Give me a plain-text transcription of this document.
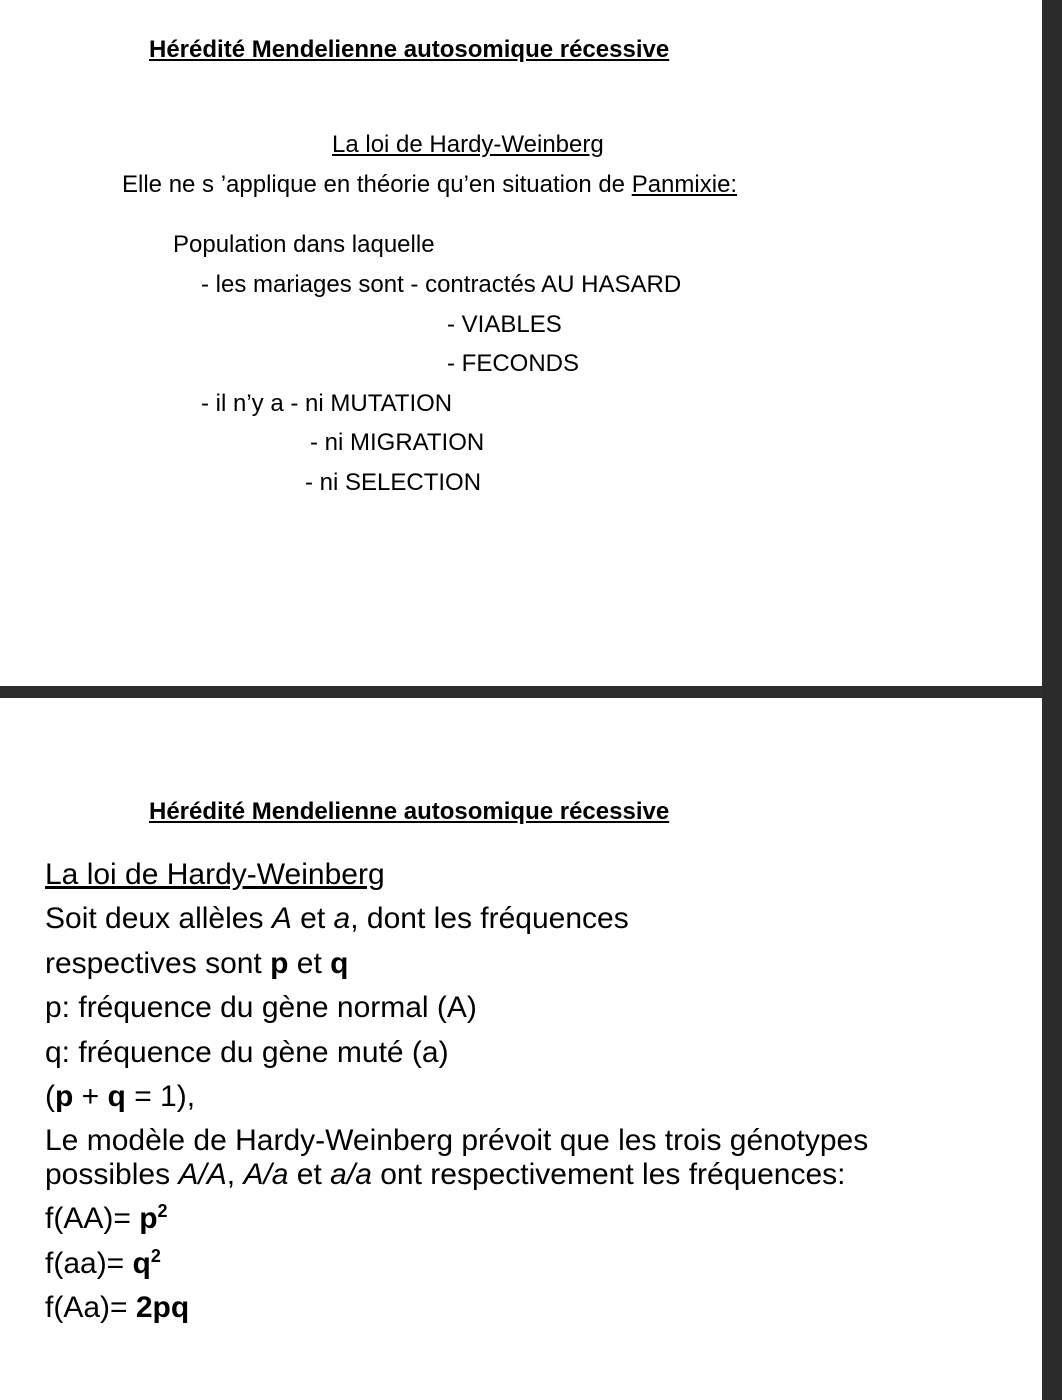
Hérédité Mendelienne autosomique récessive
La loi de Hardy-Weinberg
Elle ne s ’applique en théorie qu’en situation de Panmixie:
Population dans laquelle
- les mariages sont - contractés AU HASARD
- VIABLES
- FECONDS
- il n’y a - ni MUTATION
- ni MIGRATION
- ni SELECTION
Hérédité Mendelienne autosomique récessive
La loi de Hardy-Weinberg
Soit deux allèles A et a, dont les fréquences
respectives sont p et q
p: fréquence du gène normal (A)
q: fréquence du gène muté (a)
(p + q = 1),
Le modèle de Hardy-Weinberg prévoit que les trois génotypes
possibles A/A, A/a et a/a ont respectivement les fréquences:
$f(AA)= p^2$
$f(aa)= q^2$
f(Aa)= 2pq
